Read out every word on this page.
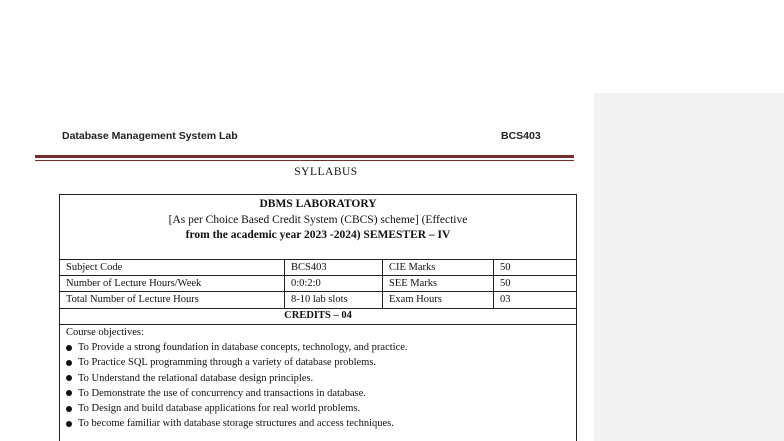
Database Management System Lab	BCS403
SYLLABUS
DBMS LABORATORY
[As per Choice Based Credit System (CBCS) scheme] (Effective
from the academic year 2023 -2024) SEMESTER – IV
Subject Code	BCS403	CIE Marks	50
Number of Lecture Hours/Week	0:0:2:0	SEE Marks	50
Total Number of Lecture Hours	8-10 lab slots	Exam Hours	03
CREDITS – 04
Course objectives:
To Provide a strong foundation in database concepts, technology, and practice.
To Practice SQL programming through a variety of database problems.
To Understand the relational database design principles.
To Demonstrate the use of concurrency and transactions in database.
To Design and build database applications for real world problems.
To become familiar with database storage structures and access techniques.
